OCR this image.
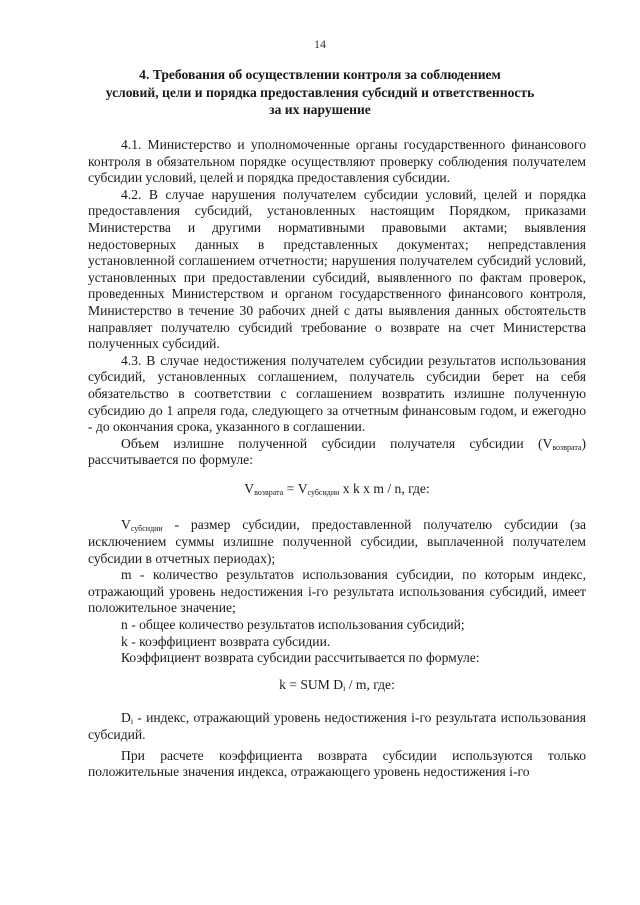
14
4. Требования об осуществлении контроля за соблюдением
условий, цели и порядка предоставления субсидий и ответственность
за их нарушение

4.1. Министерство и уполномоченные органы государственного финансового контроля в обязательном порядке осуществляют проверку соблюдения получателем субсидии условий, целей и порядка предоставления субсидии.

4.2. В случае нарушения получателем субсидии условий, целей и порядка предоставления субсидий, установленных настоящим Порядком, приказами Министерства и другими нормативными правовыми актами; выявления недостоверных данных в представленных документах; непредставления установленной соглашением отчетности; нарушения получателем субсидий условий, установленных при предоставлении субсидий, выявленного по фактам проверок, проведенных Министерством и органом государственного финансового контроля, Министерство в течение 30 рабочих дней с даты выявления данных обстоятельств направляет получателю субсидий требование о возврате на счет Министерства полученных субсидий.

4.3. В случае недостижения получателем субсидии результатов использования субсидий, установленных соглашением, получатель субсидии берет на себя обязательство в соответствии с соглашением возвратить излишне полученную субсидию до 1 апреля года, следующего за отчетным финансовым годом, и ежегодно - до окончания срока, указанного в соглашении.

Объем излишне полученной субсидии получателя субсидии $(V_{возврата})$ рассчитывается по формуле:

$V_{возврата} = V_{субсидии}$ x k x m / n, где:

$V_{субсидии}$ - размер субсидии, предоставленной получателю субсидии (за исключением суммы излишне полученной субсидии, выплаченной получателем субсидии в отчетных периодах);

m - количество результатов использования субсидии, по которым индекс, отражающий уровень недостижения i-го результата использования субсидий, имеет положительное значение;

n - общее количество результатов использования субсидий;

k - коэффициент возврата субсидии.

Коэффициент возврата субсидии рассчитывается по формуле:

k = SUM $D_i$ / m, где:

$D_i$ - индекс, отражающий уровень недостижения i-го результата использования субсидий.

При расчете коэффициента возврата субсидии используются только положительные значения индекса, отражающего уровень недостижения i-го
